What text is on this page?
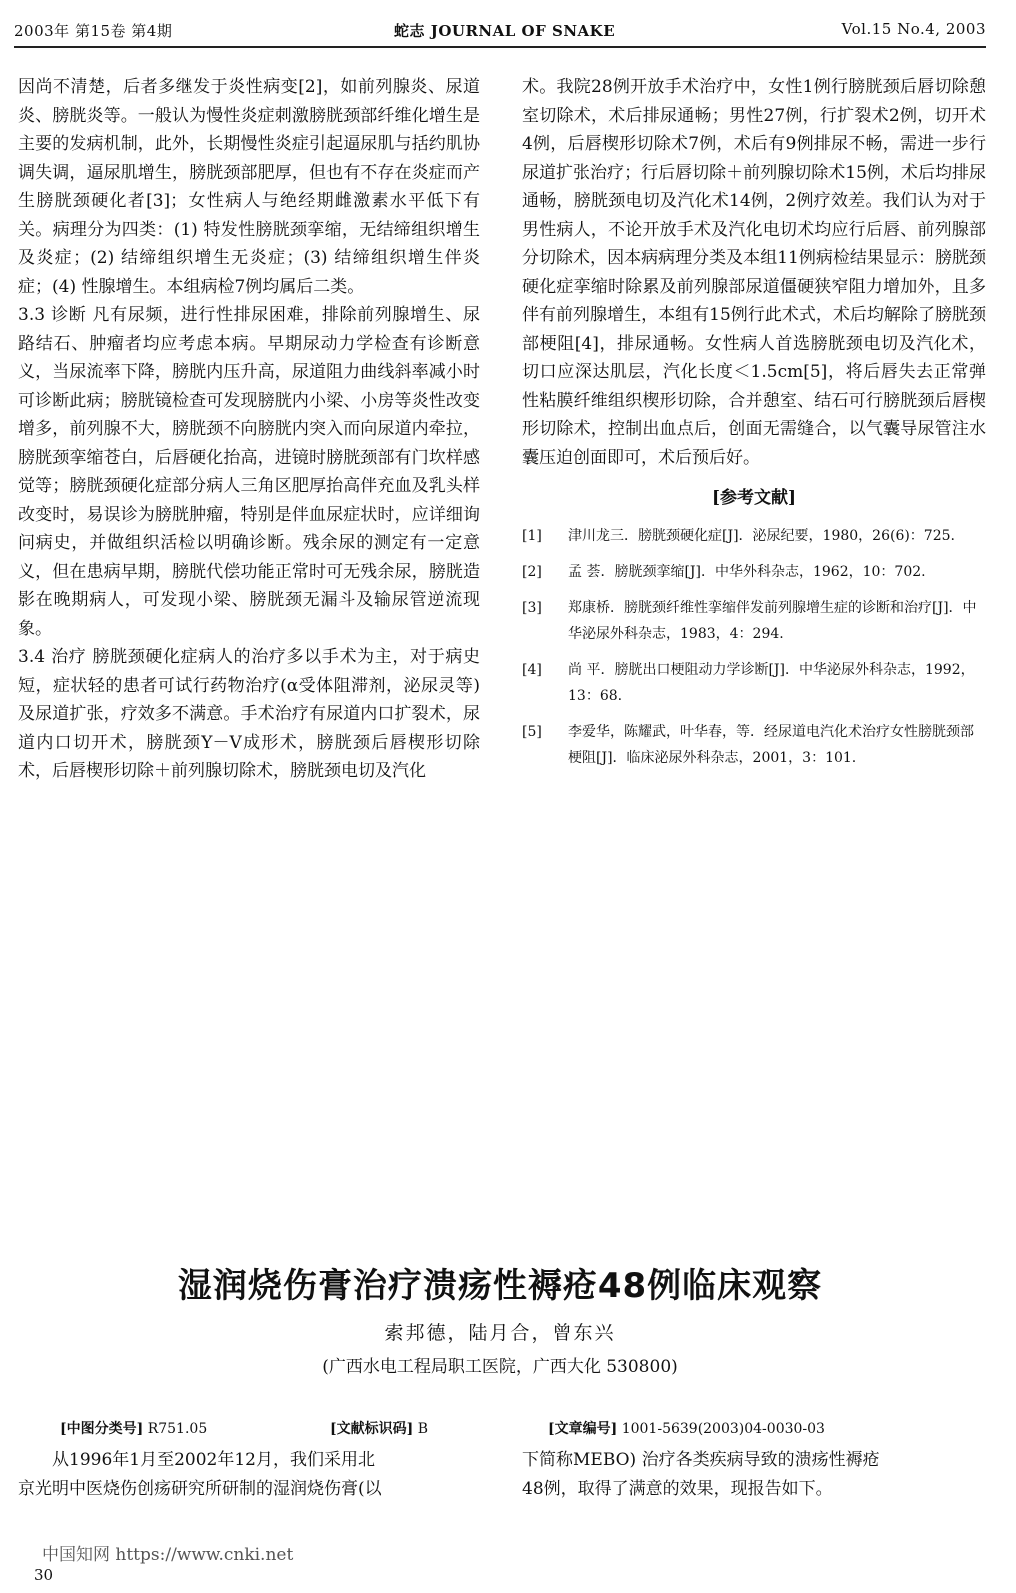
2003年 第15卷 第4期	蛇志 JOURNAL OF SNAKE	Vol.15 No.4, 2003

因尚不清楚，后者多继发于炎性病变[2]，如前列腺炎、尿道炎、膀胱炎等。一般认为慢性炎症刺激膀胱颈部纤维化增生是主要的发病机制，此外，长期慢性炎症引起逼尿肌与括约肌协调失调，逼尿肌增生，膀胱颈部肥厚，但也有不存在炎症而产生膀胱颈硬化者[3]；女性病人与绝经期雌激素水平低下有关。病理分为四类：(1) 特发性膀胱颈挛缩，无结缔组织增生及炎症；(2) 结缔组织增生无炎症；(3) 结缔组织增生伴炎症；(4) 性腺增生。本组病检7例均属后二类。

3.3 诊断 凡有尿频，进行性排尿困难，排除前列腺增生、尿路结石、肿瘤者均应考虑本病。早期尿动力学检查有诊断意义，当尿流率下降，膀胱内压升高，尿道阻力曲线斜率减小时可诊断此病；膀胱镜检查可发现膀胱内小梁、小房等炎性改变增多，前列腺不大，膀胱颈不向膀胱内突入而向尿道内牵拉，膀胱颈挛缩苍白，后唇硬化抬高，进镜时膀胱颈部有门坎样感觉等；膀胱颈硬化症部分病人三角区肥厚抬高伴充血及乳头样改变时，易误诊为膀胱肿瘤，特别是伴血尿症状时，应详细询问病史，并做组织活检以明确诊断。残余尿的测定有一定意义，但在患病早期，膀胱代偿功能正常时可无残余尿，膀胱造影在晚期病人，可发现小梁、膀胱颈无漏斗及输尿管逆流现象。

3.4 治疗 膀胱颈硬化症病人的治疗多以手术为主，对于病史短，症状轻的患者可试行药物治疗(α受体阻滞剂，泌尿灵等) 及尿道扩张，疗效多不满意。手术治疗有尿道内口扩裂术，尿道内口切开术，膀胱颈Y－V成形术，膀胱颈后唇楔形切除术，后唇楔形切除＋前列腺切除术，膀胱颈电切及汽化

术。我院28例开放手术治疗中，女性1例行膀胱颈后唇切除憩室切除术，术后排尿通畅；男性27例，行扩裂术2例，切开术4例，后唇楔形切除术7例，术后有9例排尿不畅，需进一步行尿道扩张治疗；行后唇切除＋前列腺切除术15例，术后均排尿通畅，膀胱颈电切及汽化术14例，2例疗效差。我们认为对于男性病人，不论开放手术及汽化电切术均应行后唇、前列腺部分切除术，因本病病理分类及本组11例病检结果显示：膀胱颈硬化症挛缩时除累及前列腺部尿道僵硬狭窄阻力增加外，且多伴有前列腺增生，本组有15例行此术式，术后均解除了膀胱颈部梗阻[4]，排尿通畅。女性病人首选膀胱颈电切及汽化术，切口应深达肌层，汽化长度＜1.5cm[5]，将后唇失去正常弹性粘膜纤维组织楔形切除，合并憩室、结石可行膀胱颈后唇楔形切除术，控制出血点后，创面无需缝合，以气囊导尿管注水囊压迫创面即可，术后预后好。

[参考文献]
[1] 津川龙三．膀胱颈硬化症[J]．泌尿纪要，1980，26(6)：725.
[2] 孟 荟．膀胱颈挛缩[J]．中华外科杂志，1962，10：702.
[3] 郑康桥．膀胱颈纤维性挛缩伴发前列腺增生症的诊断和治疗[J]．中华泌尿外科杂志，1983，4：294.
[4] 尚 平．膀胱出口梗阻动力学诊断[J]．中华泌尿外科杂志，1992，13：68.
[5] 李爱华，陈耀武，叶华春，等．经尿道电汽化术治疗女性膀胱颈部梗阻[J]．临床泌尿外科杂志，2001，3：101.
湿润烧伤膏治疗溃疡性褥疮48例临床观察
索邦德，陆月合，曾东兴
(广西水电工程局职工医院，广西大化 530800)
[中图分类号] R751.05	[文献标识码] B	[文章编号] 1001-5639(2003)04-0030-03
从1996年1月至2002年12月，我们采用北
京光明中医烧伤创疡研究所研制的湿润烧伤膏(以
下简称MEBO) 治疗各类疾病导致的溃疡性褥疮
48例，取得了满意的效果，现报告如下。
中国知网 https://www.cnki.net
30
